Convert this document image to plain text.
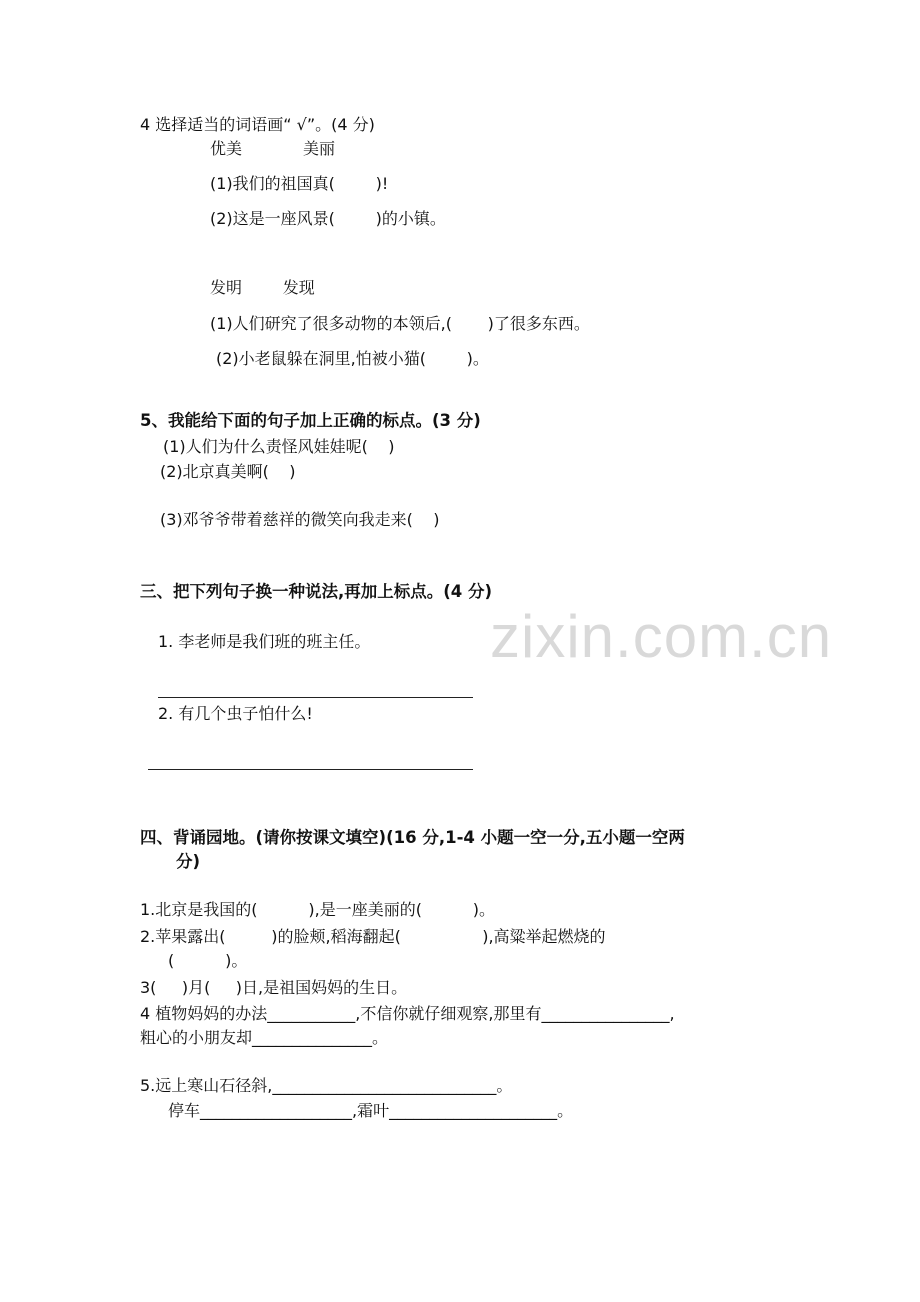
zixin.com.cn
4 选择适当的词语画“ √”。(4 分)
优美            美丽
(1)我们的祖国真(        )!
(2)这是一座风景(        )的小镇。
发明        发现
(1)人们研究了很多动物的本领后,(       )了很多东西。
(2)小老鼠躲在洞里,怕被小猫(        )。
5、我能给下面的句子加上正确的标点。(3 分)
(1)人们为什么责怪风娃娃呢(    )
(2)北京真美啊(    )
(3)邓爷爷带着慈祥的微笑向我走来(    )
三、把下列句子换一种说法,再加上标点。(4 分)
1. 李老师是我们班的班主任。
2. 有几个虫子怕什么!
四、背诵园地。(请你按课文填空)(16 分,1-4 小题一空一分,五小题一空两
分)
1.北京是我国的(          ),是一座美丽的(          )。
2.苹果露出(         )的脸颊,稻海翻起(                ),高粱举起燃烧的
(          )。
3(     )月(     )日,是祖国妈妈的生日。
4 植物妈妈的办法___________,不信你就仔细观察,那里有________________,
粗心的小朋友却_______________。
5.远上寒山石径斜,____________________________。
停车___________________,霜叶_____________________。
